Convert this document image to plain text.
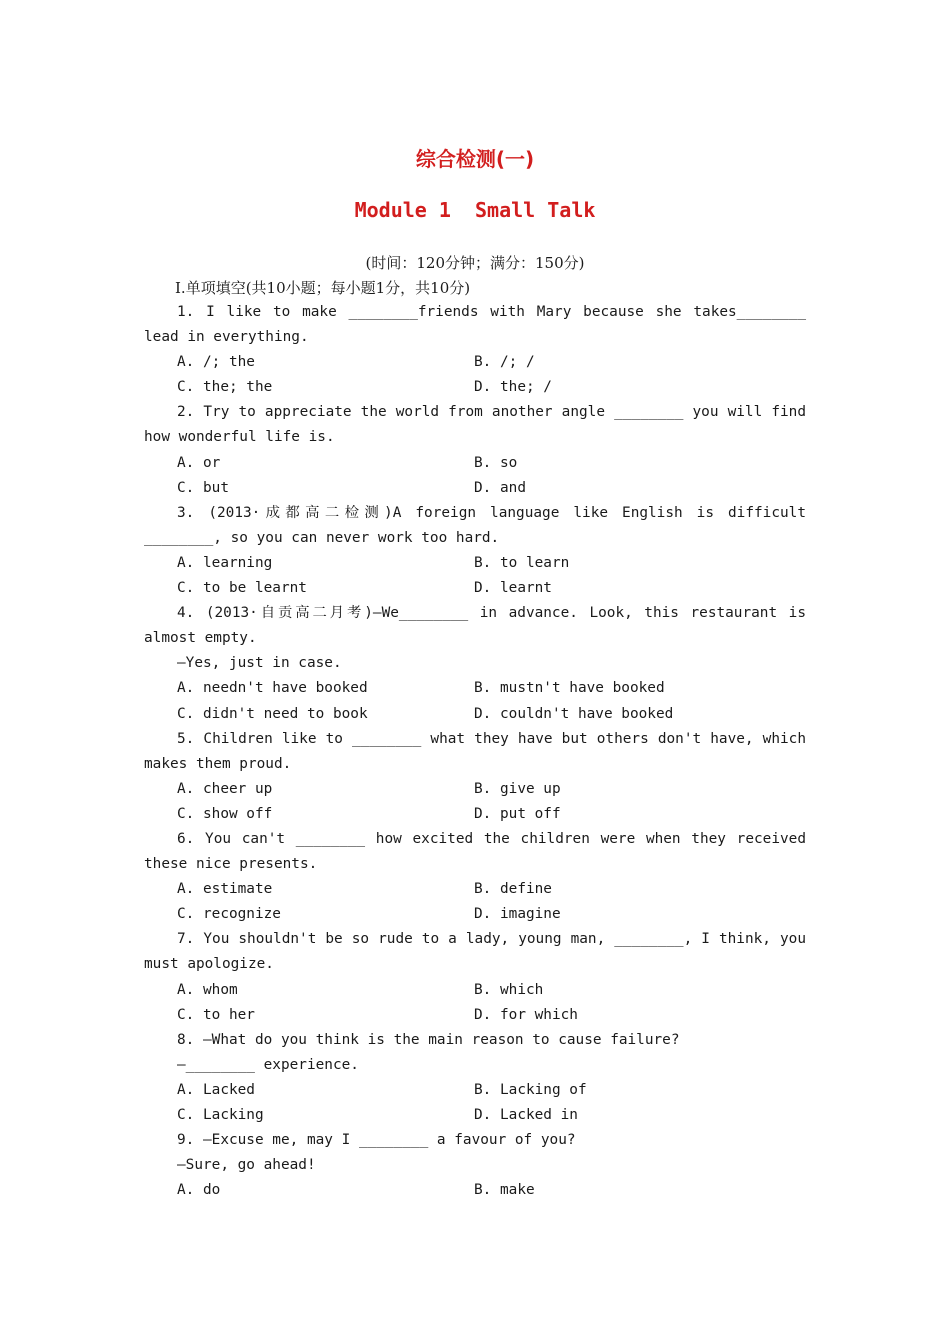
综合检测(一)
Module 1  Small Talk
(时间：120分钟；满分：150分)
Ⅰ.单项填空(共10小题；每小题1分，共10分)
1. I like to make ________friends with Mary because she takes________ lead in everything.
A. /; the	B. /; /
C. the; the	D. the; /
2. Try to appreciate the world from another angle ________ you will find how wonderful life is.
A. or	B. so
C. but	D. and
3. (2013·成都高二检测)A foreign language like English is difficult ________, so you can never work too hard.
A. learning	B. to learn
C. to be learnt	D. learnt
4. (2013·自贡高二月考)—We________ in advance. Look, this restaurant is almost empty.
—Yes, just in case.
A. needn't have booked	B. mustn't have booked
C. didn't need to book	D. couldn't have booked
5. Children like to ________ what they have but others don't have, which makes them proud.
A. cheer up	B. give up
C. show off	D. put off
6. You can't ________ how excited the children were when they received these nice presents.
A. estimate	B. define
C. recognize	D. imagine
7. You shouldn't be so rude to a lady, young man, ________, I think, you must apologize.
A. whom	B. which
C. to her	D. for which
8. —What do you think is the main reason to cause failure?
—________ experience.
A. Lacked	B. Lacking of
C. Lacking	D. Lacked in
9. —Excuse me, may I ________ a favour of you?
—Sure, go ahead!
A. do	B. make
